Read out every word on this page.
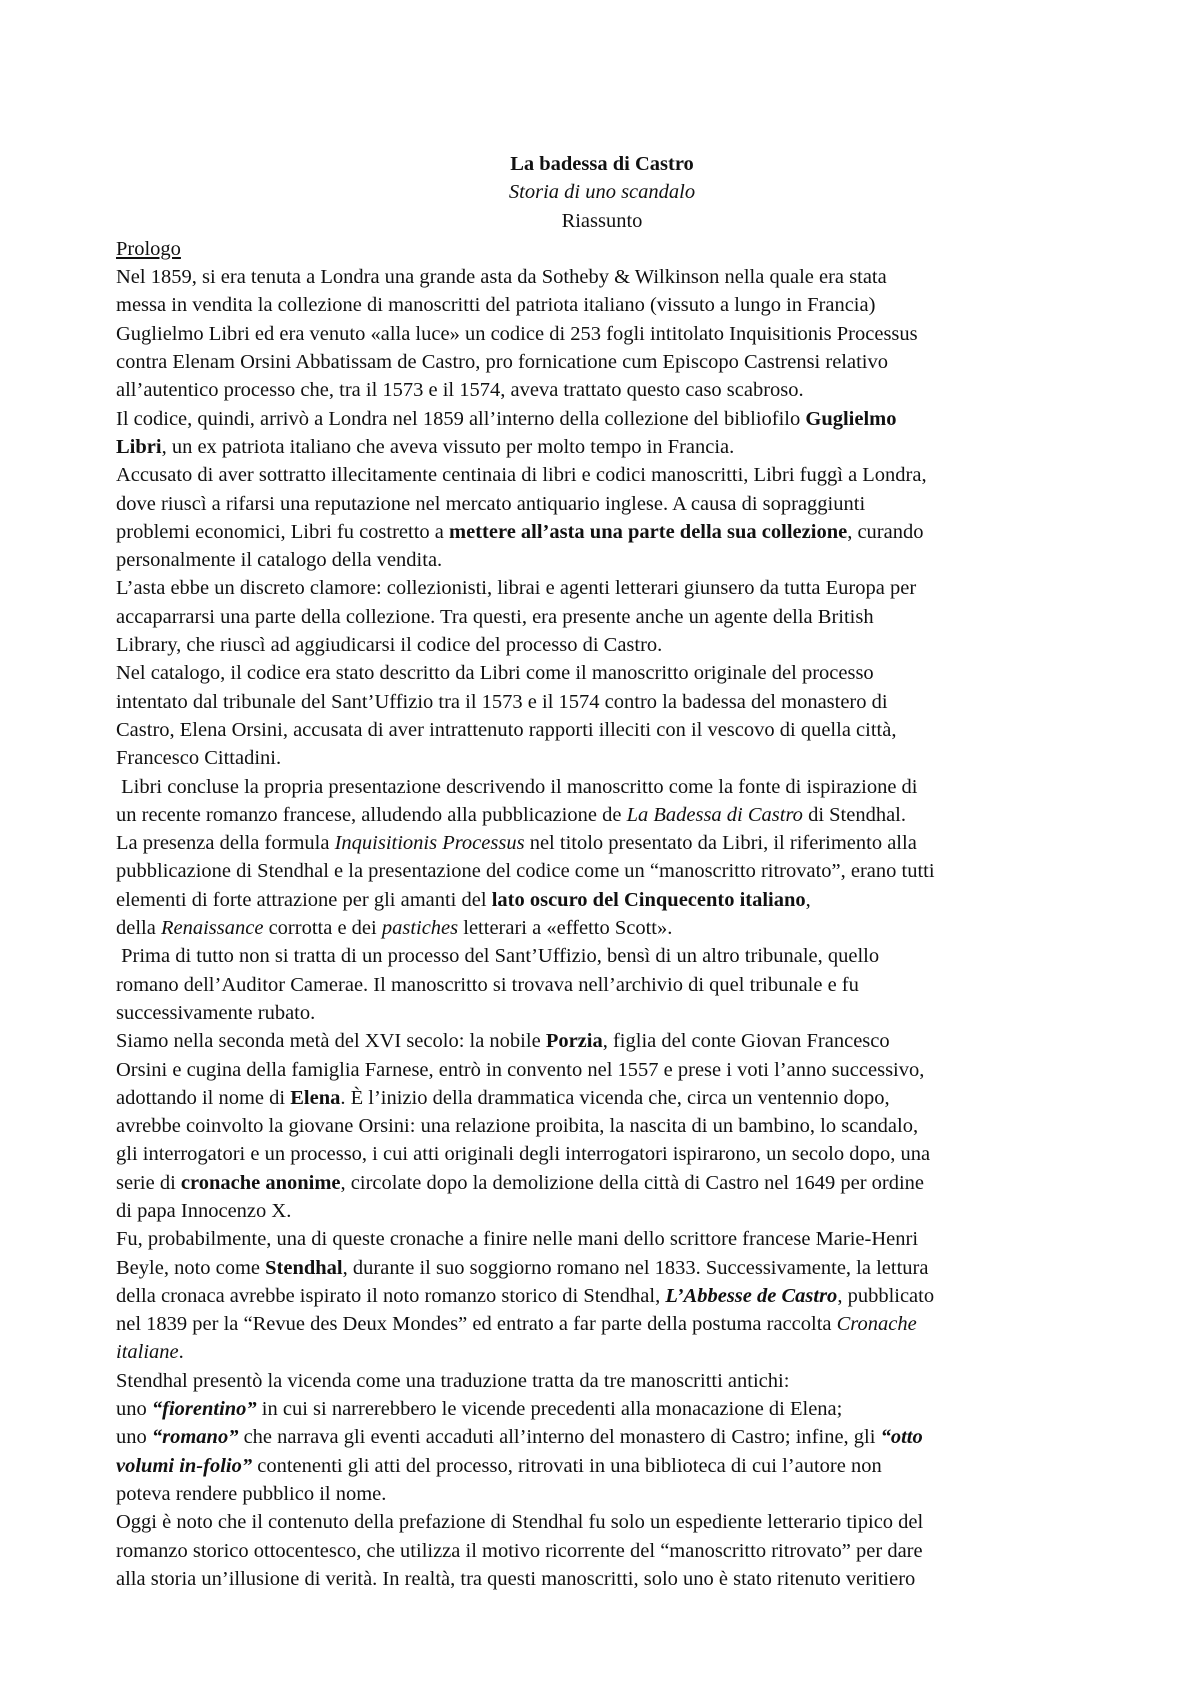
La badessa di Castro
Storia di uno scandalo
Riassunto
Prologo
Nel 1859, si era tenuta a Londra una grande asta da Sotheby & Wilkinson nella quale era stata
messa in vendita la collezione di manoscritti del patriota italiano (vissuto a lungo in Francia)
Guglielmo Libri ed era venuto «alla luce» un codice di 253 fogli intitolato Inquisitionis Processus
contra Elenam Orsini Abbatissam de Castro, pro fornicatione cum Episcopo Castrensi relativo
all’autentico processo che, tra il 1573 e il 1574, aveva trattato questo caso scabroso.
Il codice, quindi, arrivò a Londra nel 1859 all’interno della collezione del bibliofilo Guglielmo
Libri, un ex patriota italiano che aveva vissuto per molto tempo in Francia.
Accusato di aver sottratto illecitamente centinaia di libri e codici manoscritti, Libri fuggì a Londra,
dove riuscì a rifarsi una reputazione nel mercato antiquario inglese. A causa di sopraggiunti
problemi economici, Libri fu costretto a mettere all’asta una parte della sua collezione, curando
personalmente il catalogo della vendita.
L’asta ebbe un discreto clamore: collezionisti, librai e agenti letterari giunsero da tutta Europa per
accaparrarsi una parte della collezione. Tra questi, era presente anche un agente della British
Library, che riuscì ad aggiudicarsi il codice del processo di Castro.
Nel catalogo, il codice era stato descritto da Libri come il manoscritto originale del processo
intentato dal tribunale del Sant’Uffizio tra il 1573 e il 1574 contro la badessa del monastero di
Castro, Elena Orsini, accusata di aver intrattenuto rapporti illeciti con il vescovo di quella città,
Francesco Cittadini.
Libri concluse la propria presentazione descrivendo il manoscritto come la fonte di ispirazione di
un recente romanzo francese, alludendo alla pubblicazione de La Badessa di Castro di Stendhal.
La presenza della formula Inquisitionis Processus nel titolo presentato da Libri, il riferimento alla
pubblicazione di Stendhal e la presentazione del codice come un “manoscritto ritrovato”, erano tutti
elementi di forte attrazione per gli amanti del lato oscuro del Cinquecento italiano,
della Renaissance corrotta e dei pastiches letterari a «effetto Scott».
Prima di tutto non si tratta di un processo del Sant’Uffizio, bensì di un altro tribunale, quello
romano dell’Auditor Camerae. Il manoscritto si trovava nell’archivio di quel tribunale e fu
successivamente rubato.
Siamo nella seconda metà del XVI secolo: la nobile Porzia, figlia del conte Giovan Francesco
Orsini e cugina della famiglia Farnese, entrò in convento nel 1557 e prese i voti l’anno successivo,
adottando il nome di Elena. È l’inizio della drammatica vicenda che, circa un ventennio dopo,
avrebbe coinvolto la giovane Orsini: una relazione proibita, la nascita di un bambino, lo scandalo,
gli interrogatori e un processo, i cui atti originali degli interrogatori ispirarono, un secolo dopo, una
serie di cronache anonime, circolate dopo la demolizione della città di Castro nel 1649 per ordine
di papa Innocenzo X.
Fu, probabilmente, una di queste cronache a finire nelle mani dello scrittore francese Marie-Henri
Beyle, noto come Stendhal, durante il suo soggiorno romano nel 1833. Successivamente, la lettura
della cronaca avrebbe ispirato il noto romanzo storico di Stendhal, L’Abbesse de Castro, pubblicato
nel 1839 per la “Revue des Deux Mondes” ed entrato a far parte della postuma raccolta Cronache
italiane.
Stendhal presentò la vicenda come una traduzione tratta da tre manoscritti antichi:
uno “fiorentino” in cui si narrerebbero le vicende precedenti alla monacazione di Elena;
uno “romano” che narrava gli eventi accaduti all’interno del monastero di Castro; infine, gli “otto
volumi in-folio” contenenti gli atti del processo, ritrovati in una biblioteca di cui l’autore non
poteva rendere pubblico il nome.
Oggi è noto che il contenuto della prefazione di Stendhal fu solo un espediente letterario tipico del
romanzo storico ottocentesco, che utilizza il motivo ricorrente del “manoscritto ritrovato” per dare
alla storia un’illusione di verità. In realtà, tra questi manoscritti, solo uno è stato ritenuto veritiero
